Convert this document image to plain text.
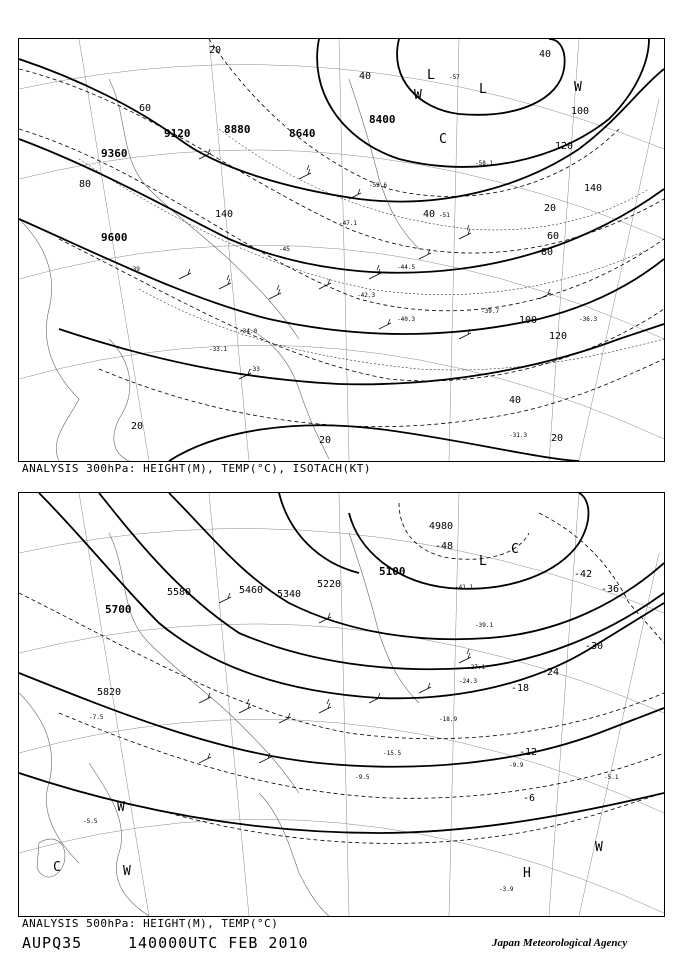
9120	8880	8640
8400
9360
9600
20	40
60
80
100
120
140
20
40
60
80
100
120
140
40
20
20
20
40
-39
-45
-51
-57
-33
-36.3
-39.7
-40.3
-42.3
-44.5
-47.1
-52.6
-58.1
-31.3
-33.1
-34.0
L
L
C
W
W
ANALYSIS 300hPa: HEIGHT(M), TEMP(°C), ISOTACH(KT)
5700
5580	5460 5340
5220
5100
4980
5820
-48
-42
-36
-30
-24
-18
-12
-6
-9.5
-15.5
-18.9
-24.3
-27.1
-39.1
-41.1
-5.1
-3.9
-5.5
-7.5
-9.9
L
C
W
W
C	H
W
ANALYSIS 500hPa: HEIGHT(M), TEMP(°C)
AUPQ35	140000UTC FEB 2010	Japan Meteorological Agency
